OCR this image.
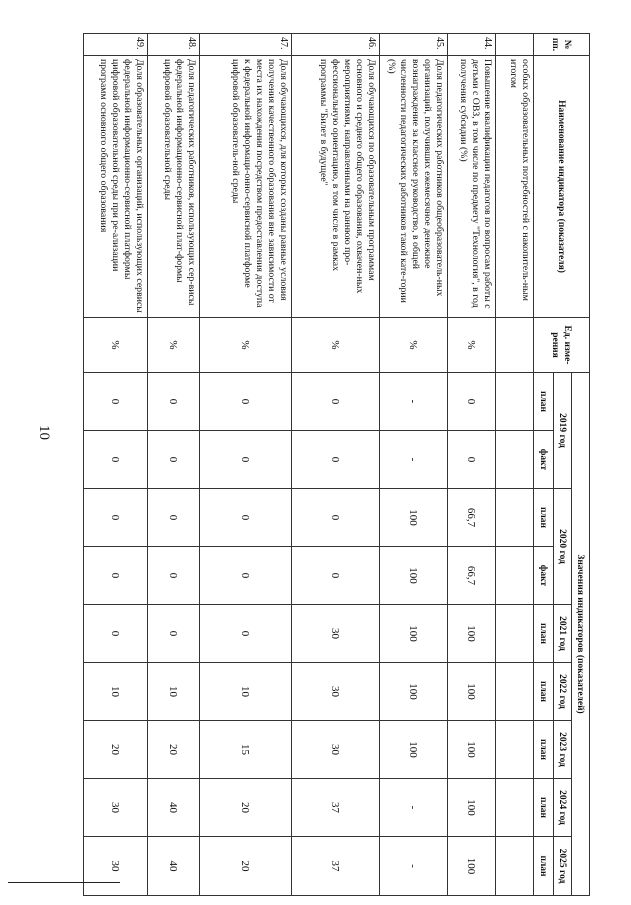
10
№ пп.	Наименование индикатора (показателя)	Ед. изме-рения	Значения индикаторов (показателей)								
			2019 год		2020 год		2021 год	2022 год	2023 год	2024 год	2025 год
			план	факт	план	факт	план	план	план	план	план
	особых образовательных потребностей с накопитель-ным итогом										
44.	Повышение квалификации педагогов по вопросам работы с детьми с ОВЗ, в том числе по предмету "Технология", в год получения субсидии (%)	%	0	0	66,7	66,7	100	100	100	100	100
45.	Доля педагогических работников общеобразователь-ных организаций, получивших ежемесячное денежное вознаграждение за классное руководство, в общей численности педагогических работников такой кате-гории (%)	%	-	-	100	100	100	100	100	-	-
46.	Доля обучающихся по образовательным программам основного и среднего общего образования, охвачен-ных мероприятиями, направленными на раннюю про-фессиональную ориентацию, в том числе в рамках программы "Билет в будущее"	%	0	0	0	0	30	30	30	37	37
47.	Доля обучающихся, для которых созданы равные условия получения качественного образования вне зависимости от места их нахождения посредством предоставления доступа к федеральной информаци-онно-сервисной платформе цифровой образователь-ной среды	%	0	0	0	0	0	10	15	20	20
48.	Доля педагогических работников, использующих сер-висы федеральной информационно-сервисной плат-формы цифровой образовательной среды	%	0	0	0	0	0	10	20	40	40
49.	Доля образовательных организаций, использующих сервисы федеральной информационно-сервисной платформы цифровой образовательной среды при ре-ализации программ основного общего образования	%	0	0	0	0	0	10	20	30	30
